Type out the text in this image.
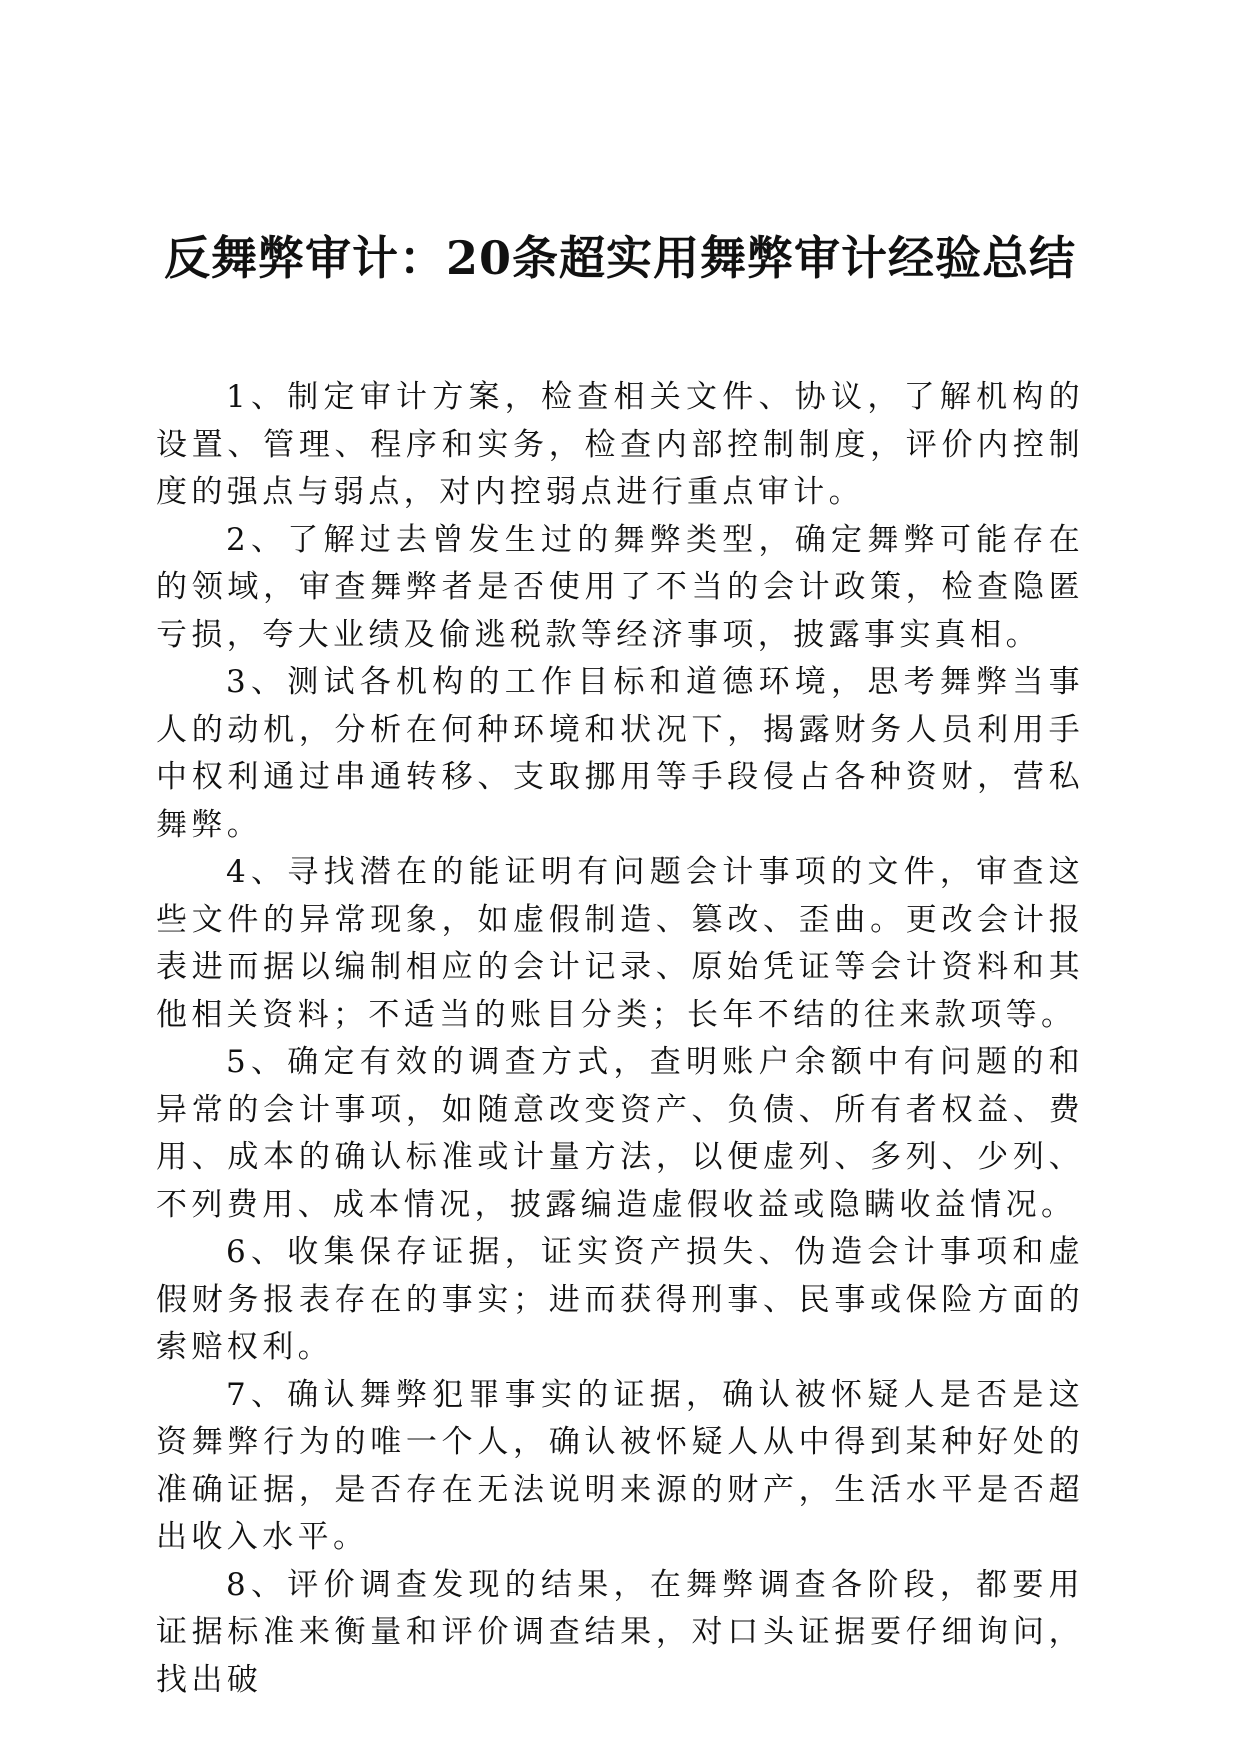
反舞弊审计：20条超实用舞弊审计经验总结

1、制定审计方案，检查相关文件、协议，了解机构的设置、管理、程序和实务，检查内部控制制度，评价内控制度的强点与弱点，对内控弱点进行重点审计。

2、了解过去曾发生过的舞弊类型，确定舞弊可能存在的领域，审查舞弊者是否使用了不当的会计政策，检查隐匿亏损，夸大业绩及偷逃税款等经济事项，披露事实真相。

3、测试各机构的工作目标和道德环境，思考舞弊当事人的动机，分析在何种环境和状况下，揭露财务人员利用手中权利通过串通转移、支取挪用等手段侵占各种资财，营私舞弊。

4、寻找潜在的能证明有问题会计事项的文件，审查这些文件的异常现象，如虚假制造、篡改、歪曲。更改会计报表进而据以编制相应的会计记录、原始凭证等会计资料和其他相关资料；不适当的账目分类；长年不结的往来款项等。

5、确定有效的调查方式，查明账户余额中有问题的和异常的会计事项，如随意改变资产、负债、所有者权益、费用、成本的确认标准或计量方法，以便虚列、多列、少列、不列费用、成本情况，披露编造虚假收益或隐瞒收益情况。

6、收集保存证据，证实资产损失、伪造会计事项和虚假财务报表存在的事实；进而获得刑事、民事或保险方面的索赔权利。

7、确认舞弊犯罪事实的证据，确认被怀疑人是否是这资舞弊行为的唯一个人，确认被怀疑人从中得到某种好处的准确证据，是否存在无法说明来源的财产，生活水平是否超出收入水平。

8、评价调查发现的结果，在舞弊调查各阶段，都要用证据标准来衡量和评价调查结果，对口头证据要仔细询问，找出破
